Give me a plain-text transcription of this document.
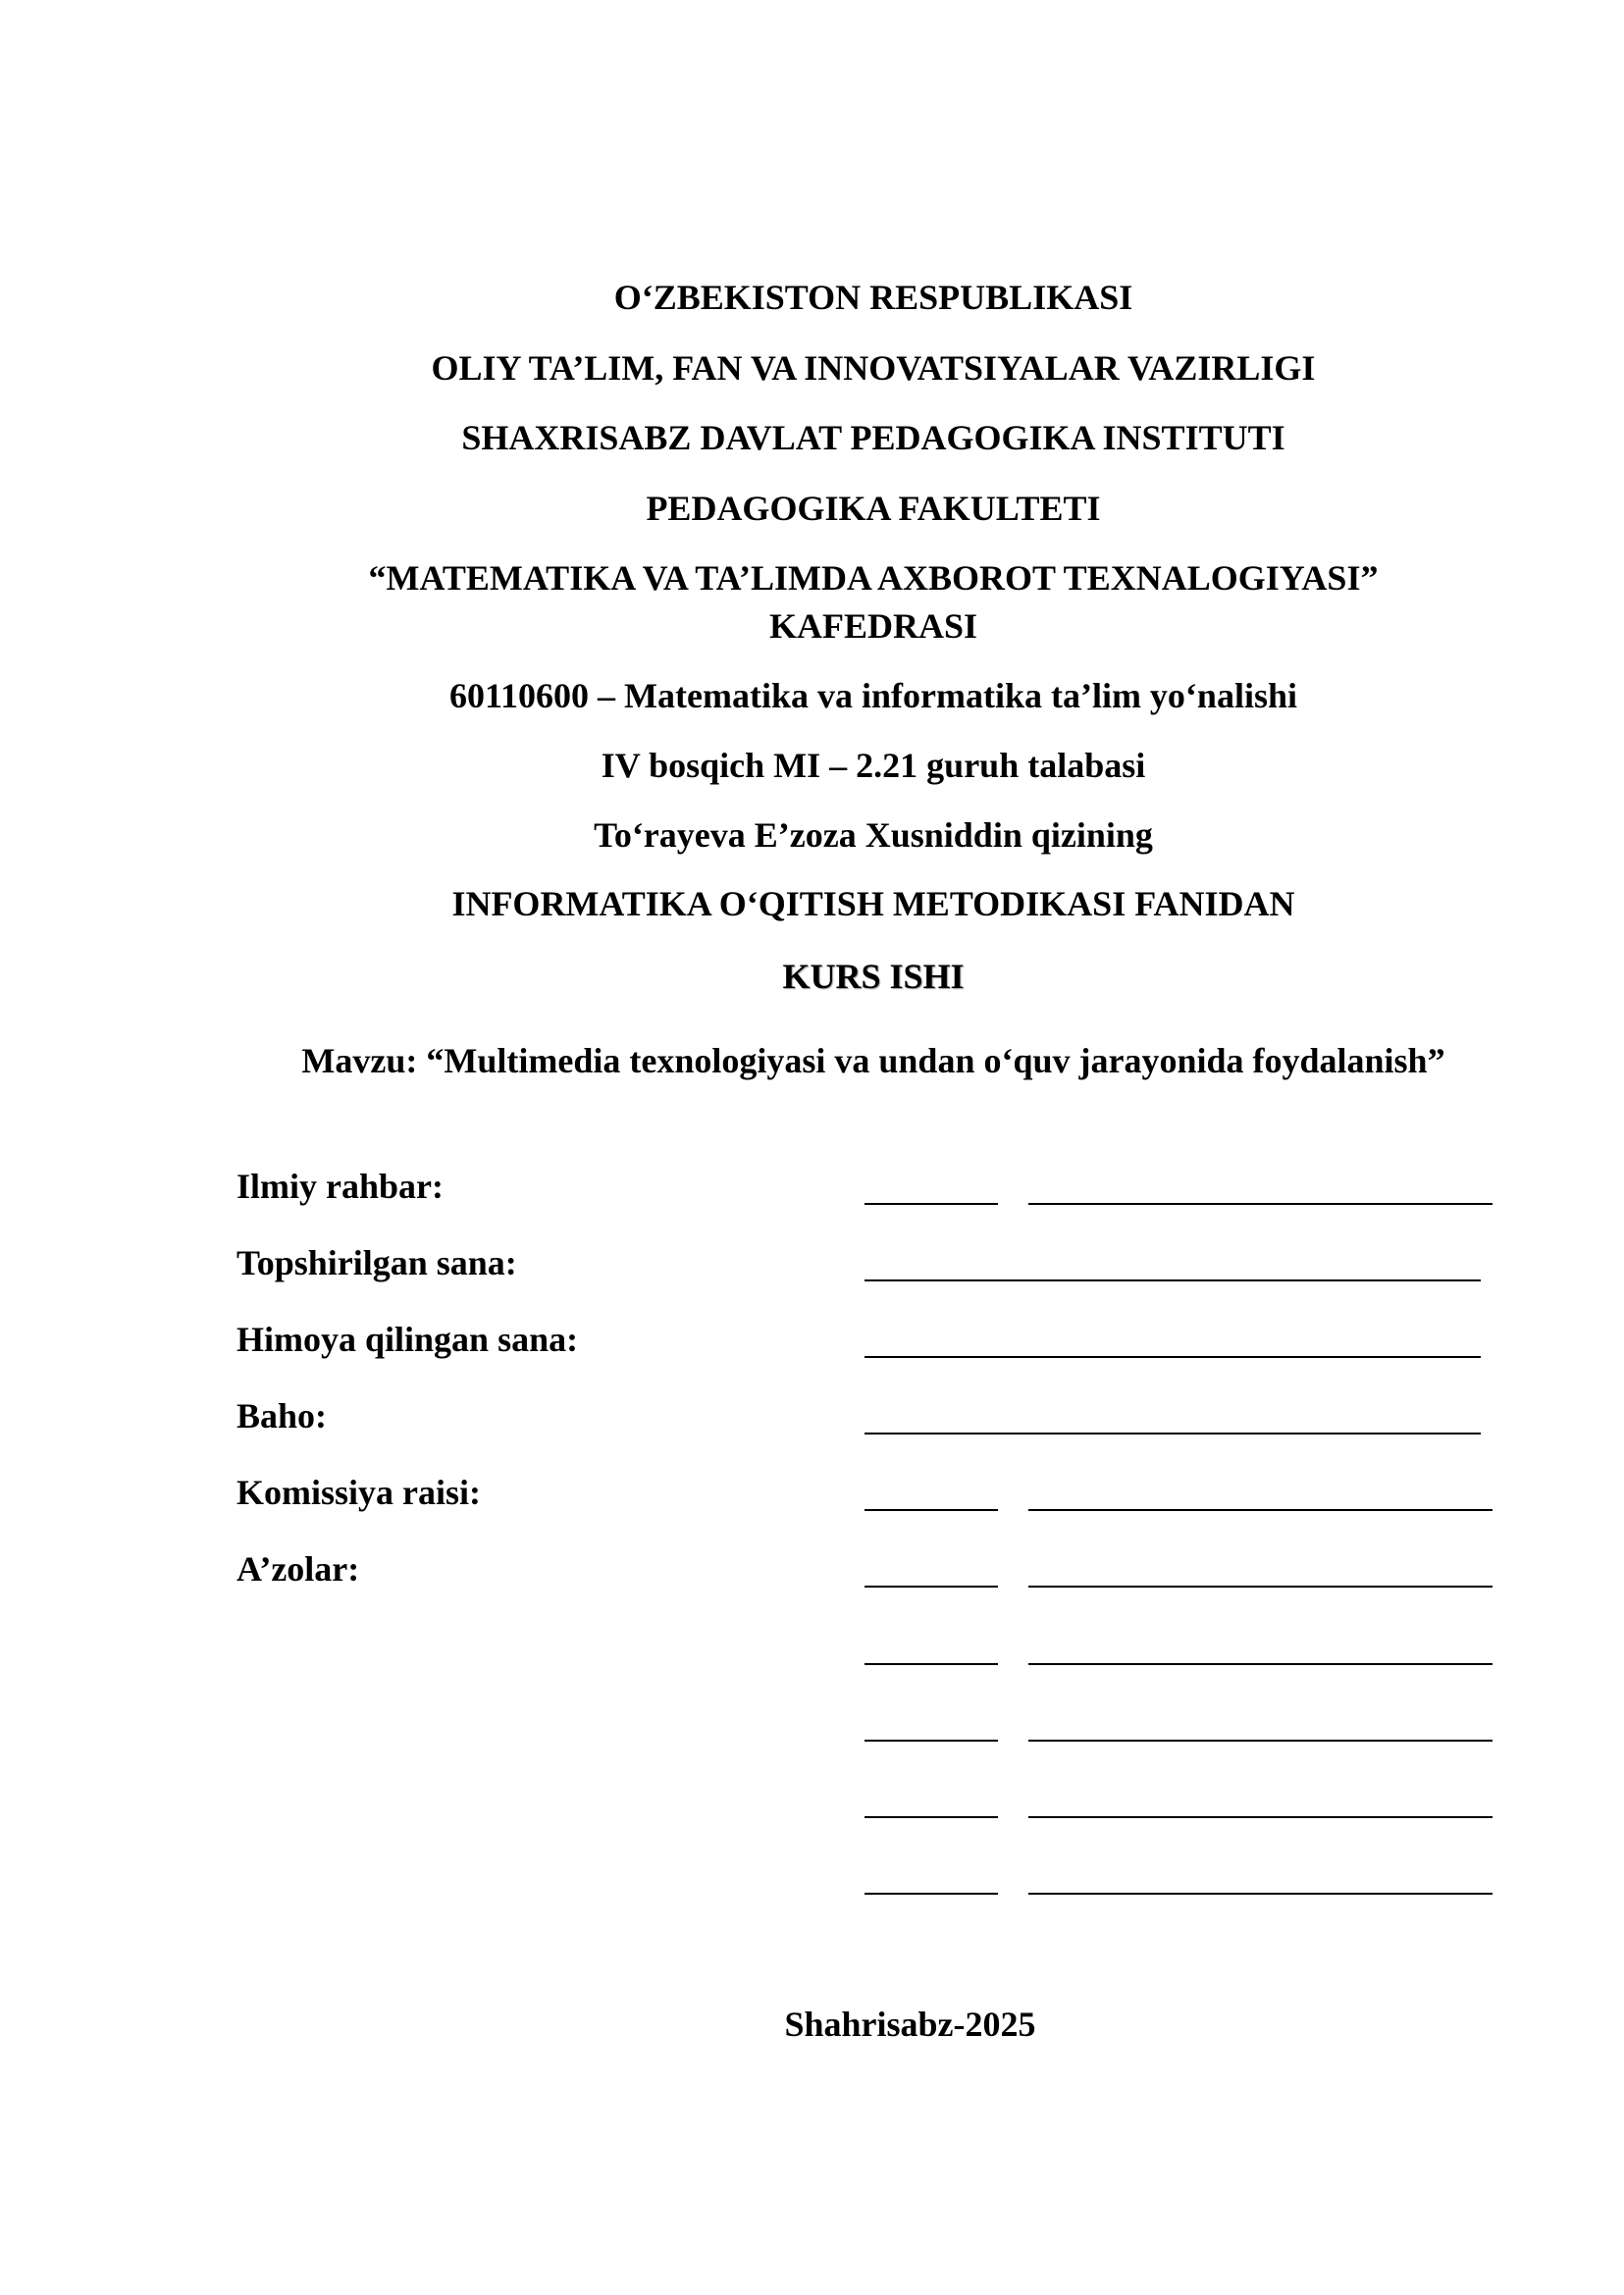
O‘ZBEKISTON RESPUBLIKASI
OLIY TA’LIM, FAN VA INNOVATSIYALAR VAZIRLIGI
SHAXRISABZ DAVLAT PEDAGOGIKA INSTITUTI
PEDAGOGIKA FAKULTETI
“MATEMATIKA VA TA’LIMDA AXBOROT TEXNALOGIYASI”
KAFEDRASI
60110600 – Matematika va informatika ta’lim yo‘nalishi
IV bosqich MI – 2.21 guruh talabasi
To‘rayeva E’zoza Xusniddin qizining
INFORMATIKA O‘QITISH METODIKASI FANIDAN
KURS ISHI
Mavzu: “Multimedia texnologiyasi va undan o‘quv jarayonida foydalanish”
Ilmiy rahbar:
Topshirilgan sana:
Himoya qilingan sana:
Baho:
Komissiya raisi:
A’zolar:
Shahrisabz-2025
